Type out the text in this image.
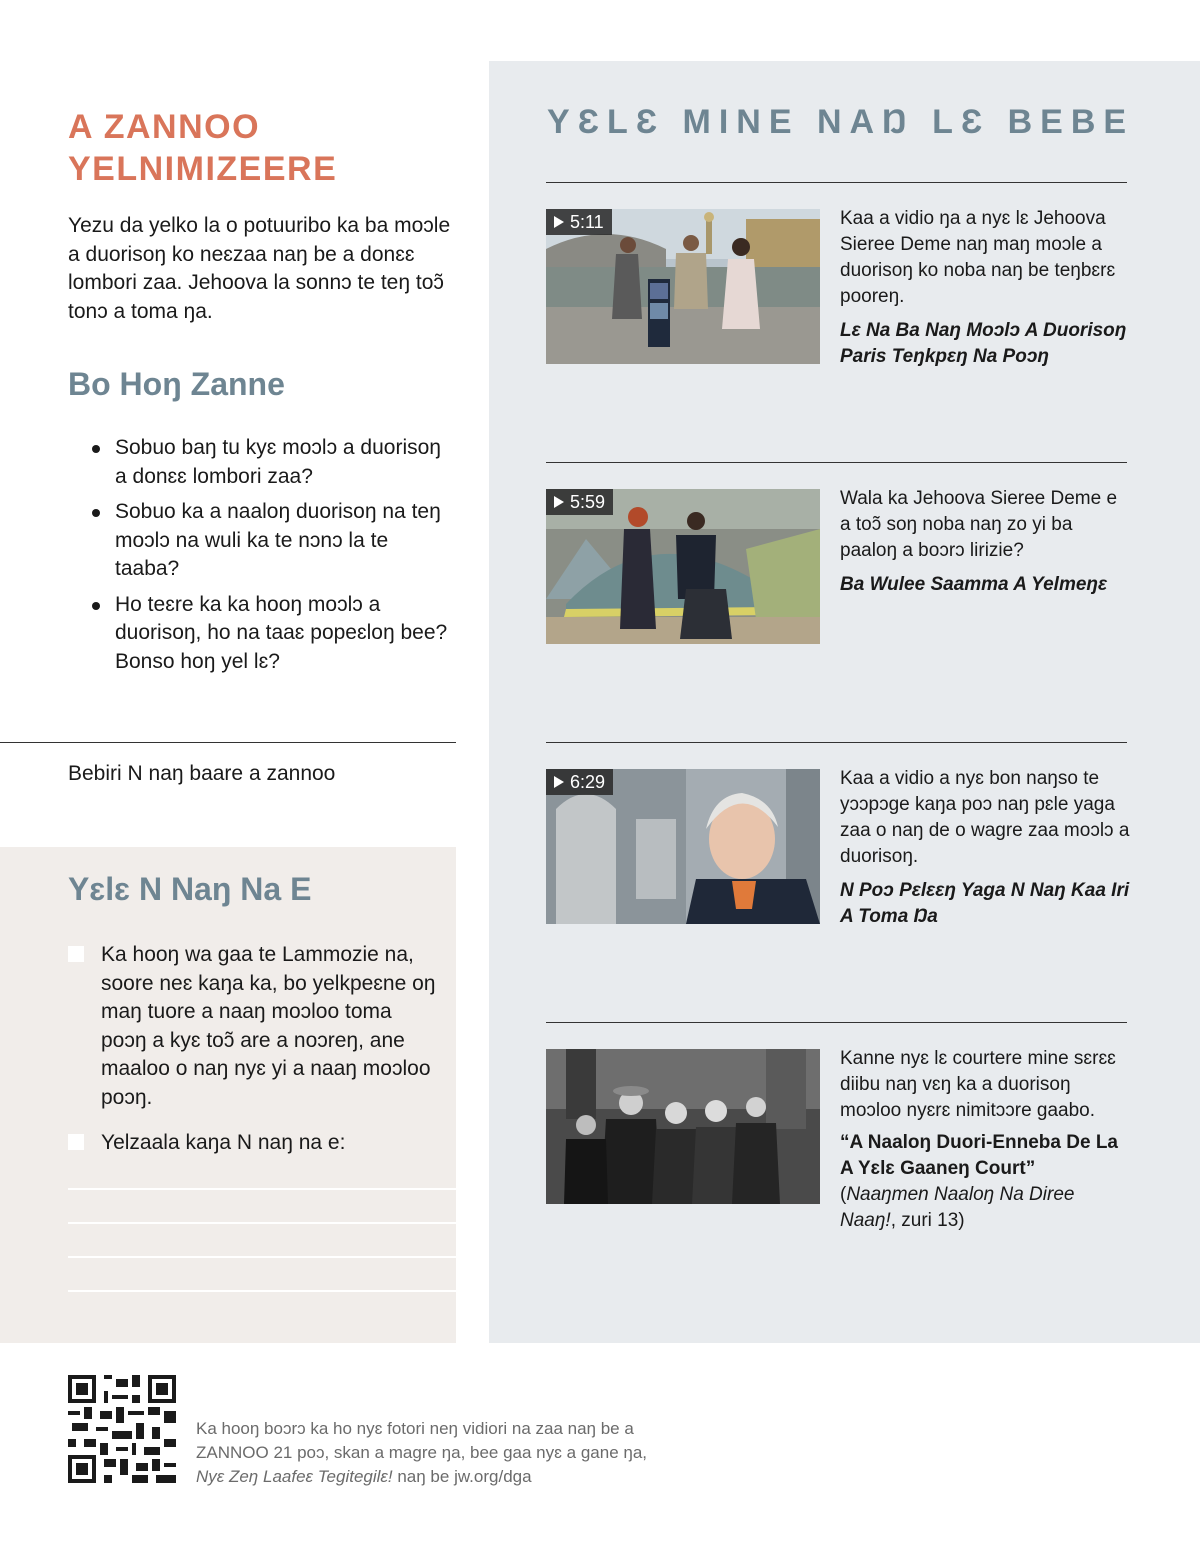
A ZANNOO YELNIMIZEERE

Yezu da yelko la o potuuribo ka ba moɔle a duorisoŋ ko neɛzaa naŋ be a donɛɛ lombori zaa. Jehoova la sonnɔ te teŋ toɔ̃ tonɔ a toma ŋa.

Bo Hoŋ Zanne
Sobuo baŋ tu kyɛ moɔlɔ a duorisoŋ a donɛɛ lombori zaa?
Sobuo ka a naaloŋ duorisoŋ na teŋ moɔlɔ na wuli ka te nɔnɔ la te taaba?
Ho teɛre ka ka hooŋ moɔlɔ a duorisoŋ, ho na taaɛ popeɛloŋ bee? Bonso hoŋ yel lɛ?

Bebiri N naŋ baare a zannoo

Yɛlɛ N Naŋ Na E
Ka hooŋ wa gaa te Lammozie na, soore neɛ kaŋa ka, bo yelkpeɛne oŋ maŋ tuore a naaŋ moɔloo toma poɔŋ a kyɛ toɔ̃ are a noɔreŋ, ane maaloo o naŋ nyɛ yi a naaŋ moɔloo poɔŋ.
Yelzaala kaŋa N naŋ na e:
YƐLƐ MINE NAŊ LƐ BEBE
5:11	Kaa a vidio ŋa a nyɛ lɛ Jehoova Sieree Deme naŋ maŋ moɔle a duorisoŋ ko noba naŋ be teŋbɛrɛ pooreŋ.
Lɛ Na Ba Naŋ Moɔlɔ A Duorisoŋ Paris Teŋkpɛŋ Na Poɔŋ

5:59	Wala ka Jehoova Sieree Deme e a toɔ̃ soŋ noba naŋ zo yi ba paaloŋ a boɔrɔ lirizie?
Ba Wulee Saamma A Yelmeŋɛ

6:29	Kaa a vidio a nyɛ bon naŋso te yɔɔpɔge kaŋa poɔ naŋ pɛle yaga zaa o naŋ de o wagre zaa moɔlɔ a duorisoŋ.
N Poɔ Pɛlɛɛŋ Yaga N Naŋ Kaa Iri A Toma Ŋa

Kanne nyɛ lɛ courtere mine sɛrɛɛ diibu naŋ vɛŋ ka a duorisoŋ moɔloo nyɛrɛ nimitɔɔre gaabo.
“A Naaloŋ Duori-Enneba De La A Yɛlɛ Gaaneŋ Court”
(Naaŋmen Naaloŋ Na Diree Naaŋ!, zuri 13)

Ka hooŋ boɔrɔ ka ho nyɛ fotori neŋ vidiori na zaa naŋ be a ZANNOO 21 poɔ, skan a magre ŋa, bee gaa nyɛ a gane ŋa, Nyɛ Zeŋ Laafeɛ Tegitegilɛ! naŋ be jw.org/dga
